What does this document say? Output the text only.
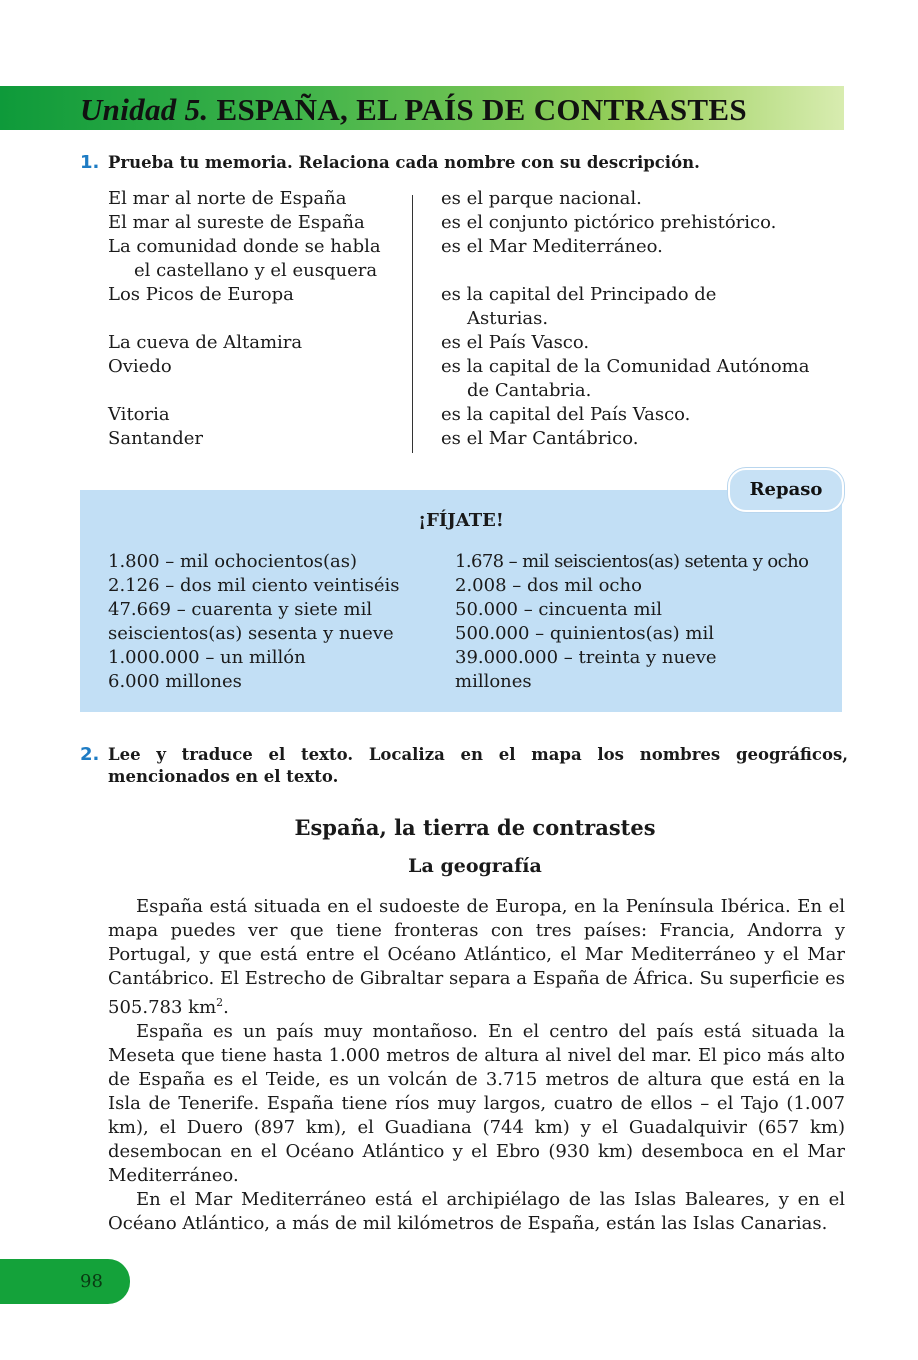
Unidad 5. ESPAÑA, EL PAÍS DE CONTRASTES
1. Prueba tu memoria. Relaciona cada nombre con su descripción.
El mar al norte de España
El mar al sureste de España
La comunidad donde se habla
el castellano y el eusquera
Los Picos de Europa

La cueva de Altamira
Oviedo

Vitoria
Santander
es el parque nacional.
es el conjunto pictórico prehistórico.
es el Mar Mediterráneo.

es la capital del Principado de
Asturias.
es el País Vasco.
es la capital de la Comunidad Autónoma
de Cantabria.
es la capital del País Vasco.
es el Mar Cantábrico.
¡FÍJATE!
1.800 – mil ochocientos(as)
2.126 – dos mil ciento veintiséis
47.669 – cuarenta y siete mil
seiscientos(as) sesenta y nueve
1.000.000 – un millón
6.000 millones
1.678 – mil seiscientos(as) setenta y ocho
2.008 – dos mil ocho
50.000 – cincuenta mil
500.000 – quinientos(as) mil
39.000.000 – treinta y nueve
millones
Repaso
2. Lee y traduce el texto. Localiza en el mapa los nombres geográficos, mencionados en el texto.
España, la tierra de contrastes
La geografía

España está situada en el sudoeste de Europa, en la Península Ibérica. En el mapa puedes ver que tiene fronteras con tres países: Francia, Andorra y Portugal, y que está entre el Océano Atlántico, el Mar Mediterráneo y el Mar Cantábrico. El Estrecho de Gibraltar separa a España de África. Su superficie es 505.783 $km^2$.

España es un país muy montañoso. En el centro del país está situada la Meseta que tiene hasta 1.000 metros de altura al nivel del mar. El pico más alto de España es el Teide, es un volcán de 3.715 metros de altura que está en la Isla de Tenerife. España tiene ríos muy largos, cuatro de ellos – el Tajo (1.007 km), el Duero (897 km), el Guadiana (744 km) y el Guadalquivir (657 km) desembocan en el Océano Atlántico y el Ebro (930 km) desemboca en el Mar Mediterráneo.

En el Mar Mediterráneo está el archipiélago de las Islas Baleares, y en el Océano Atlántico, a más de mil kilómetros de España, están las Islas Canarias.

98
